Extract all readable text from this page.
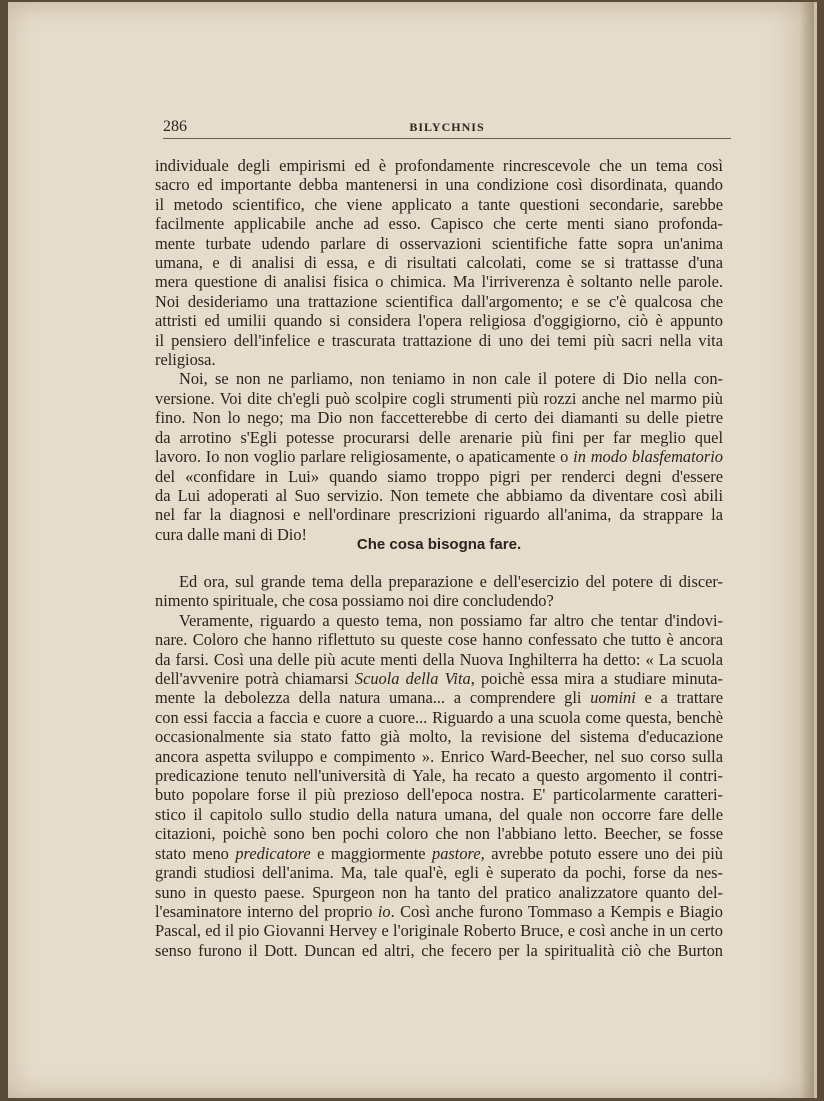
286	BILYCHNIS
individuale degli empirismi ed è profondamente rincrescevole che un tema così
sacro ed importante debba mantenersi in una condizione così disordinata, quando
il metodo scientifico, che viene applicato a tante questioni secondarie, sarebbe
facilmente applicabile anche ad esso. Capisco che certe menti siano profonda-
mente turbate udendo parlare di osservazioni scientifiche fatte sopra un'anima
umana, e di analisi di essa, e di risultati calcolati, come se si trattasse d'una
mera questione di analisi fisica o chimica. Ma l'irriverenza è soltanto nelle parole.
Noi desideriamo una trattazione scientifica dall'argomento; e se c'è qualcosa che
attristi ed umilii quando si considera l'opera religiosa d'oggigiorno, ciò è appunto
il pensiero dell'infelice e trascurata trattazione di uno dei temi più sacri nella vita
religiosa.
Noi, se non ne parliamo, non teniamo in non cale il potere di Dio nella con-
versione. Voi dite ch'egli può scolpire cogli strumenti più rozzi anche nel marmo più
fino. Non lo nego; ma Dio non faccetterebbe di certo dei diamanti su delle pietre
da arrotino s'Egli potesse procurarsi delle arenarie più fini per far meglio quel
lavoro. Io non voglio parlare religiosamente, o apaticamente o in modo blasfematorio
del «confidare in Lui» quando siamo troppo pigri per renderci degni d'essere
da Lui adoperati al Suo servizio. Non temete che abbiamo da diventare così abili
nel far la diagnosi e nell'ordinare prescrizioni riguardo all'anima, da strappare la
cura dalle mani di Dio!
Che cosa bisogna fare.
Ed ora, sul grande tema della preparazione e dell'esercizio del potere di discer-
nimento spirituale, che cosa possiamo noi dire concludendo?
Veramente, riguardo a questo tema, non possiamo far altro che tentar d'indovi-
nare. Coloro che hanno riflettuto su queste cose hanno confessato che tutto è ancora
da farsi. Così una delle più acute menti della Nuova Inghilterra ha detto: « La scuola
dell'avvenire potrà chiamarsi Scuola della Vita, poichè essa mira a studiare minuta-
mente la debolezza della natura umana... a comprendere gli uomini e a trattare
con essi faccia a faccia e cuore a cuore... Riguardo a una scuola come questa, benchè
occasionalmente sia stato fatto già molto, la revisione del sistema d'educazione
ancora aspetta sviluppo e compimento ». Enrico Ward-Beecher, nel suo corso sulla
predicazione tenuto nell'università di Yale, ha recato a questo argomento il contri-
buto popolare forse il più prezioso dell'epoca nostra. E' particolarmente caratteri-
stico il capitolo sullo studio della natura umana, del quale non occorre fare delle
citazioni, poichè sono ben pochi coloro che non l'abbiano letto. Beecher, se fosse
stato meno predicatore e maggiormente pastore, avrebbe potuto essere uno dei più
grandi studiosi dell'anima. Ma, tale qual'è, egli è superato da pochi, forse da nes-
suno in questo paese. Spurgeon non ha tanto del pratico analizzatore quanto del-
l'esaminatore interno del proprio io. Così anche furono Tommaso a Kempis e Biagio
Pascal, ed il pio Giovanni Hervey e l'originale Roberto Bruce, e così anche in un certo
senso furono il Dott. Duncan ed altri, che fecero per la spiritualità ciò che Burton
